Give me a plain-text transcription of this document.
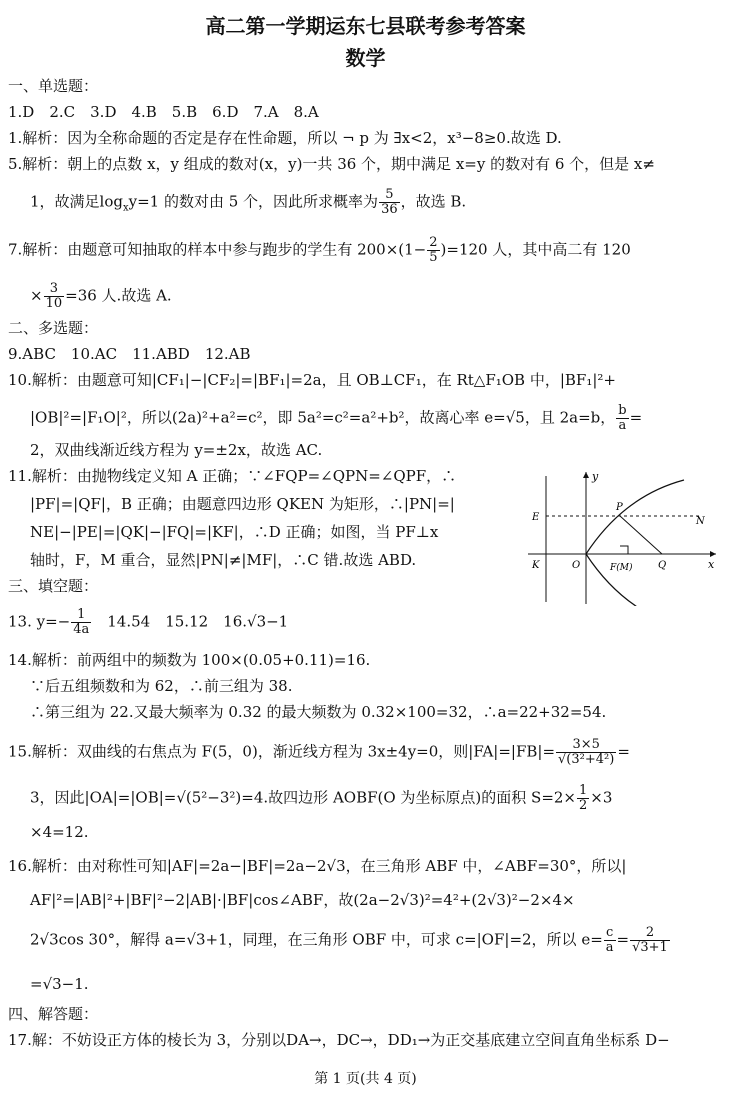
高二第一学期运东七县联考参考答案
数学
一、单选题：
1.D　2.C　3.D　4.B　5.B　6.D　7.A　8.A
1.解析：因为全称命题的否定是存在性命题，所以 ¬ p 为 ∃x<2，x³−8≥0.故选 D.
5.解析：朝上的点数 x，y 组成的数对(x，y)一共 36 个，期中满足 x=y 的数对有 6 个，但是 x≠
1，故满足$\log_xy=1$ 的数对由 5 个，因此所求概率为 $\frac{5}{36}$ ，故选 B.
7.解析：由题意可知抽取的样本中参与跑步的学生有 $200\times(1- \frac{2}{5} )=120$ 人，其中高二有 120
× $\frac{3}{10} =36$ 人.故选 A.
二、多选题：
9.ABC　10.AC　11.ABD　12.AB
10.解析：由题意可知|CF₁|−|CF₂|=|BF₁|=2a，且 OB⊥CF₁，在 Rt△F₁OB 中，|BF₁|²+
|OB|²=|F₁O|²，所以(2a)²+a²=c²，即 5a²=c²=a²+b²，故离心率 e=√5，且 2a=b， $\frac{b}{a}$ =
2，双曲线渐近线方程为 y=±2x，故选 AC.
11.解析：由抛物线定义知 A 正确；∵∠FQP=∠QPN=∠QPF，∴
|PF|=|QF|，B 正确；由题意四边形 QKEN 为矩形，∴|PN|=|
NE|−|PE|=|QK|−|FQ|=|KF|，∴D 正确；如图，当 PF⊥x
轴时，F，M 重合，显然|PN|≠|MF|，∴C 错.故选 ABD.
y
x
E
P
N
K	O	F(M)	Q
三、填空题：
13. $y=- \frac{1}{4a}$ 　14.54　15.12　16.√3−1
14.解析：前两组中的频数为 100×(0.05+0.11)=16.
∵后五组频数和为 62，∴前三组为 38.
∴第三组为 22.又最大频率为 0.32 的最大频数为 0.32×100=32，∴a=22+32=54.
15.解析：双曲线的右焦点为 F(5，0)，渐近线方程为 3x±4y=0，则$|FA|=|FB|= \frac{3\times 5}{\text{√(3²+4²)}}$ =
3，因此|OA|=|OB|=√(5²−3²)=4.故四边形 AOBF(O 为坐标原点)的面积 $S=2\times \frac{1}{2} \times 3$
×4=12.
16.解析：由对称性可知|AF|=2a−|BF|=2a−2√3，在三角形 ABF 中，∠ABF=30°，所以|
AF|²=|AB|²+|BF|²−2|AB|·|BF|cos∠ABF，故(2a−2√3)²=4²+(2√3)²−2×4×
2√3cos 30°，解得 a=√3+1，同理，在三角形 OBF 中，可求 c=|OF|=2，所以 $e= \frac{c}{a} = \frac{2}{√3+1}$
=√3−1.
四、解答题：
17.解：不妨设正方体的棱长为 3，分别以DA→，DC→，DD₁→为正交基底建立空间直角坐标系 D−
第 1 页(共 4 页)
